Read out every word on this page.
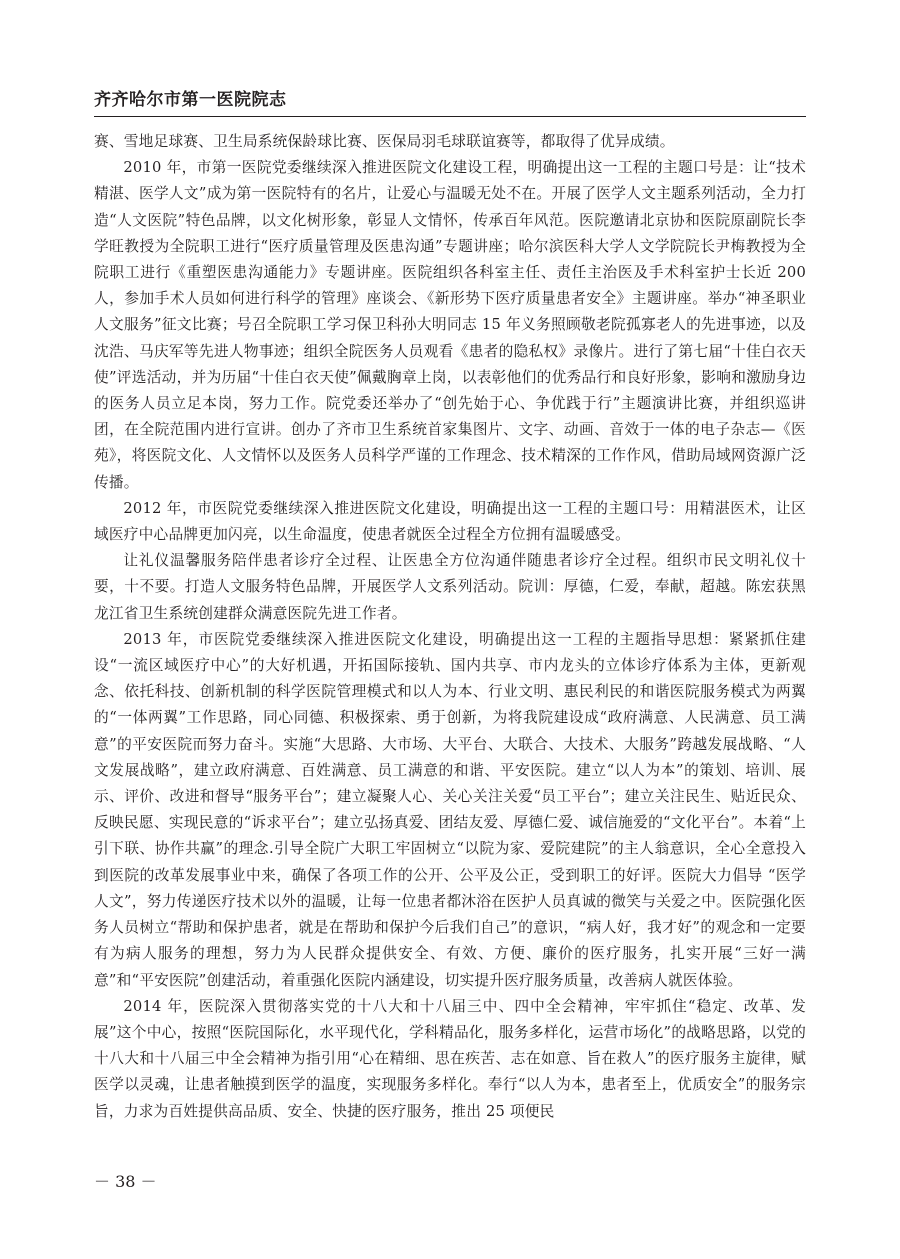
齐齐哈尔市第一医院院志

赛、雪地足球赛、卫生局系统保龄球比赛、医保局羽毛球联谊赛等，都取得了优异成绩。

2010 年，市第一医院党委继续深入推进医院文化建设工程，明确提出这一工程的主题口号是：让“技术精湛、医学人文”成为第一医院特有的名片，让爱心与温暖无处不在。开展了医学人文主题系列活动，全力打造“人文医院”特色品牌，以文化树形象，彰显人文情怀，传承百年风范。医院邀请北京协和医院原副院长李学旺教授为全院职工进行“医疗质量管理及医患沟通”专题讲座；哈尔滨医科大学人文学院院长尹梅教授为全院职工进行《重塑医患沟通能力》专题讲座。医院组织各科室主任、责任主治医及手术科室护士长近 200 人，参加手术人员如何进行科学的管理》座谈会、《新形势下医疗质量患者安全》主题讲座。举办“神圣职业 人文服务”征文比赛；号召全院职工学习保卫科孙大明同志 15 年义务照顾敬老院孤寡老人的先进事迹，以及沈浩、马庆军等先进人物事迹；组织全院医务人员观看《患者的隐私权》录像片。进行了第七届“十佳白衣天使”评选活动，并为历届“十佳白衣天使”佩戴胸章上岗，以表彰他们的优秀品行和良好形象，影响和激励身边的医务人员立足本岗，努力工作。院党委还举办了“创先始于心、争优践于行”主题演讲比赛，并组织巡讲团，在全院范围内进行宣讲。创办了齐市卫生系统首家集图片、文字、动画、音效于一体的电子杂志—《医苑》，将医院文化、人文情怀以及医务人员科学严谨的工作理念、技术精深的工作作风，借助局域网资源广泛传播。

2012 年，市医院党委继续深入推进医院文化建设，明确提出这一工程的主题口号：用精湛医术，让区域医疗中心品牌更加闪亮，以生命温度，使患者就医全过程全方位拥有温暖感受。

让礼仪温馨服务陪伴患者诊疗全过程、让医患全方位沟通伴随患者诊疗全过程。组织市民文明礼仪十要，十不要。打造人文服务特色品牌，开展医学人文系列活动。院训：厚德，仁爱，奉献，超越。陈宏获黑龙江省卫生系统创建群众满意医院先进工作者。

2013 年，市医院党委继续深入推进医院文化建设，明确提出这一工程的主题指导思想：紧紧抓住建设“一流区域医疗中心”的大好机遇，开拓国际接轨、国内共享、市内龙头的立体诊疗体系为主体，更新观念、依托科技、创新机制的科学医院管理模式和以人为本、行业文明、惠民利民的和谐医院服务模式为两翼的“一体两翼”工作思路，同心同德、积极探索、勇于创新，为将我院建设成“政府满意、人民满意、员工满意”的平安医院而努力奋斗。实施“大思路、大市场、大平台、大联合、大技术、大服务”跨越发展战略、“人文发展战略”，建立政府满意、百姓满意、员工满意的和谐、平安医院。建立“以人为本”的策划、培训、展示、评价、改进和督导“服务平台”；建立凝聚人心、关心关注关爱“员工平台”；建立关注民生、贴近民众、反映民愿、实现民意的“诉求平台”；建立弘扬真爱、团结友爱、厚德仁爱、诚信施爱的“文化平台”。本着“上引下联、协作共赢”的理念.引导全院广大职工牢固树立“以院为家、爱院建院”的主人翁意识，全心全意投入到医院的改革发展事业中来，确保了各项工作的公开、公平及公正，受到职工的好评。医院大力倡导 “医学人文”，努力传递医疗技术以外的温暖，让每一位患者都沐浴在医护人员真诚的微笑与关爱之中。医院强化医务人员树立“帮助和保护患者，就是在帮助和保护今后我们自己”的意识，“病人好，我才好”的观念和一定要有为病人服务的理想，努力为人民群众提供安全、有效、方便、廉价的医疗服务，扎实开展“三好一满意”和“平安医院”创建活动，着重强化医院内涵建设，切实提升医疗服务质量，改善病人就医体验。

2014 年，医院深入贯彻落实党的十八大和十八届三中、四中全会精神，牢牢抓住“稳定、改革、发展”这个中心，按照“医院国际化，水平现代化，学科精品化，服务多样化，运营市场化”的战略思路，以党的十八大和十八届三中全会精神为指引用“心在精细、思在疾苦、志在如意、旨在救人”的医疗服务主旋律，赋医学以灵魂，让患者触摸到医学的温度，实现服务多样化。奉行“以人为本，患者至上，优质安全”的服务宗旨，力求为百姓提供高品质、安全、快捷的医疗服务，推出 25 项便民

－ 38 －
